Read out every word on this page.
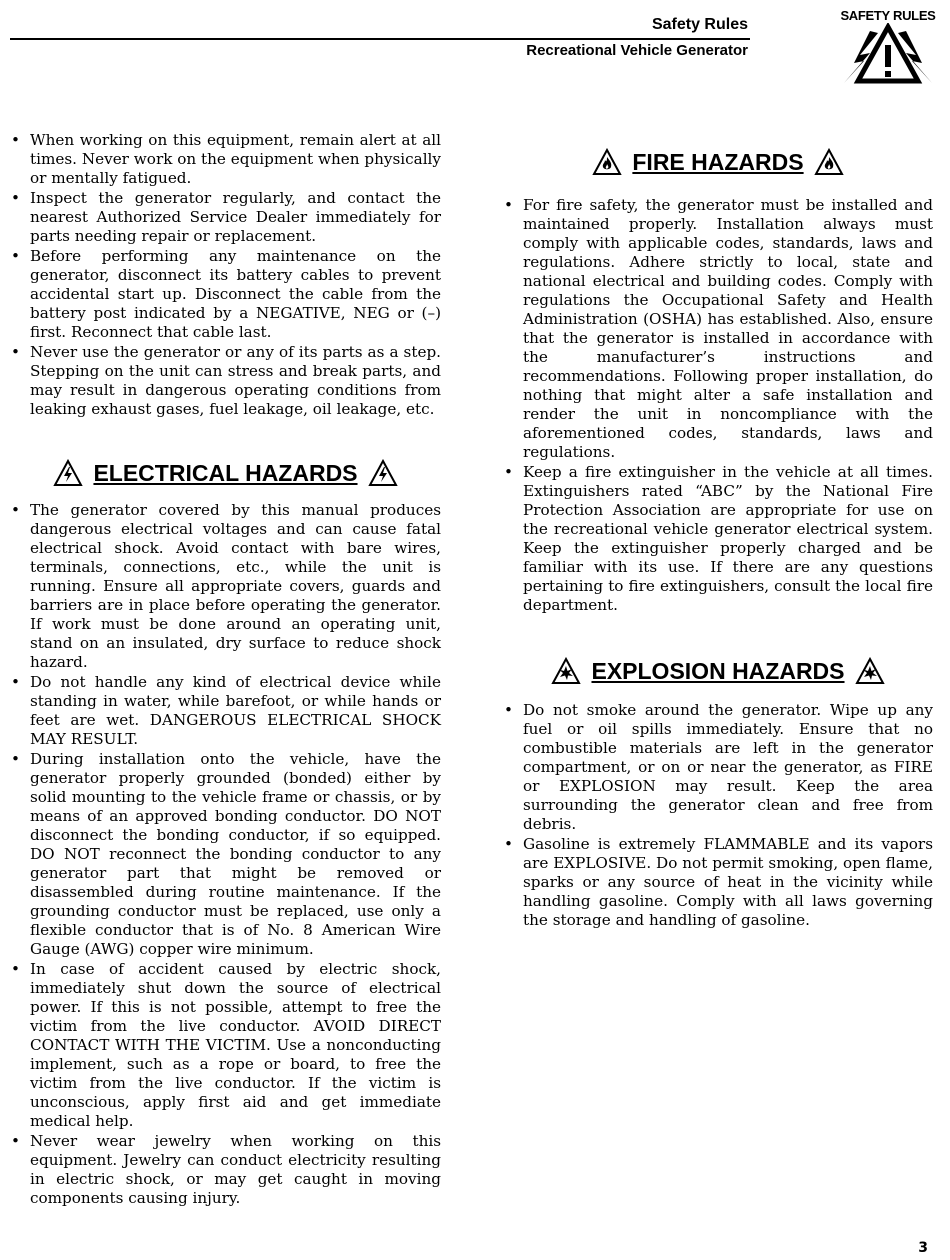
Safety Rules
Recreational Vehicle Generator
SAFETY RULES
• When working on this equipment, remain alert at all times. Never work on the equipment when physically or mentally fatigued.
• Inspect the generator regularly, and contact the nearest Authorized Service Dealer immediately for parts needing repair or replacement.
• Before performing any maintenance on the generator, disconnect its battery cables to prevent accidental start up. Disconnect the cable from the battery post indicated by a NEGATIVE, NEG or (–) first. Reconnect that cable last.
• Never use the generator or any of its parts as a step. Stepping on the unit can stress and break parts, and may result in dangerous operating conditions from leaking exhaust gases, fuel leakage, oil leakage, etc.
ELECTRICAL HAZARDS
• The generator covered by this manual produces dangerous electrical voltages and can cause fatal electrical shock. Avoid contact with bare wires, terminals, connections, etc., while the unit is running. Ensure all appropriate covers, guards and barriers are in place before operating the generator. If work must be done around an operating unit, stand on an insulated, dry surface to reduce shock hazard.
• Do not handle any kind of electrical device while standing in water, while barefoot, or while hands or feet are wet. DANGEROUS ELECTRICAL SHOCK MAY RESULT.
• During installation onto the vehicle, have the generator properly grounded (bonded) either by solid mounting to the vehicle frame or chassis, or by means of an approved bonding conductor. DO NOT disconnect the bonding conductor, if so equipped. DO NOT reconnect the bonding conductor to any generator part that might be removed or disassembled during routine maintenance. If the grounding conductor must be replaced, use only a flexible conductor that is of No. 8 American Wire Gauge (AWG) copper wire minimum.
• In case of accident caused by electric shock, immediately shut down the source of electrical power. If this is not possible, attempt to free the victim from the live conductor. AVOID DIRECT CONTACT WITH THE VICTIM. Use a nonconducting implement, such as a rope or board, to free the victim from the live conductor. If the victim is unconscious, apply first aid and get immediate medical help.
• Never wear jewelry when working on this equipment. Jewelry can conduct electricity resulting in electric shock, or may get caught in moving components causing injury.
FIRE HAZARDS
• For fire safety, the generator must be installed and maintained properly. Installation always must comply with applicable codes, standards, laws and regulations. Adhere strictly to local, state and national electrical and building codes. Comply with regulations the Occupational Safety and Health Administration (OSHA) has established. Also, ensure that the generator is installed in accordance with the manufacturer’s instructions and recommendations. Following proper installation, do nothing that might alter a safe installation and render the unit in noncompliance with the aforementioned codes, standards, laws and regulations.
• Keep a fire extinguisher in the vehicle at all times. Extinguishers rated “ABC” by the National Fire Protection Association are appropriate for use on the recreational vehicle generator electrical system. Keep the extinguisher properly charged and be familiar with its use. If there are any questions pertaining to fire extinguishers, consult the local fire department.
EXPLOSION HAZARDS
• Do not smoke around the generator. Wipe up any fuel or oil spills immediately. Ensure that no combustible materials are left in the generator compartment, or on or near the generator, as FIRE or EXPLOSION may result. Keep the area surrounding the generator clean and free from debris.
• Gasoline is extremely FLAMMABLE and its vapors are EXPLOSIVE. Do not permit smoking, open flame, sparks or any source of heat in the vicinity while handling gasoline. Comply with all laws governing the storage and handling of gasoline.
3
